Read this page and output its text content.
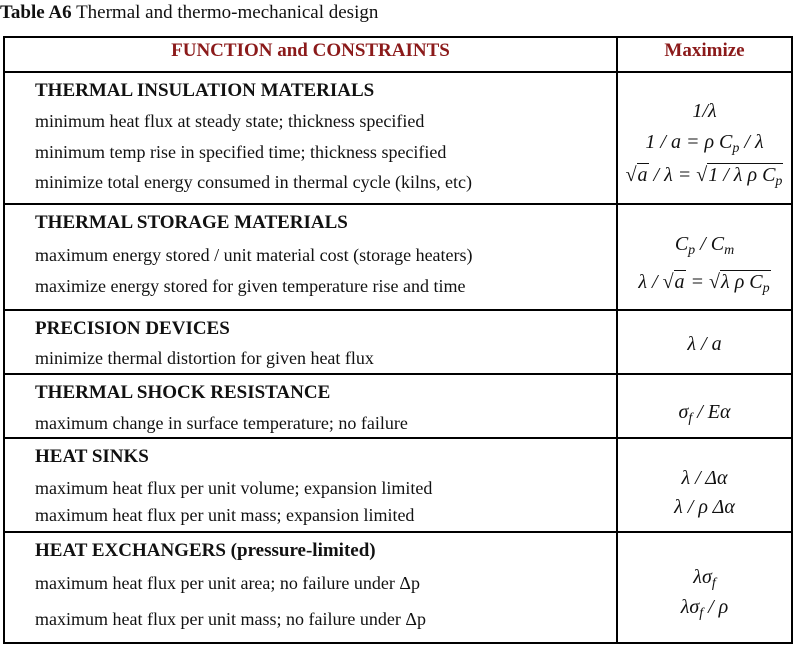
Table A6 Thermal and thermo-mechanical design
FUNCTION and CONSTRAINTS	Maximize
THERMAL INSULATION MATERIALS
minimum heat flux at steady state; thickness specified
minimum temp rise in specified time; thickness specified
minimize total energy consumed in thermal cycle (kilns, etc)
1/λ
1 / a = ρ $C_p$ / λ
√a / λ = √1 / λ ρ $C_p$
THERMAL STORAGE MATERIALS
maximum energy stored / unit material cost (storage heaters)
maximize energy stored for given temperature rise and time
$C_p / C_m$
λ / √a = √λ ρ $C_p$
PRECISION DEVICES
minimize thermal distortion for given heat flux
λ / a
THERMAL SHOCK RESISTANCE
maximum change in surface temperature; no failure	$\sigma_f$ / Eα
HEAT SINKS
maximum heat flux per unit volume; expansion limited
maximum heat flux per unit mass; expansion limited
λ / Δα
λ / ρ Δα
HEAT EXCHANGERS (pressure-limited)
maximum heat flux per unit area; no failure under Δp
maximum heat flux per unit mass; no failure under Δp
$\lambda\sigma_f$
$\lambda\sigma_f$ / ρ
